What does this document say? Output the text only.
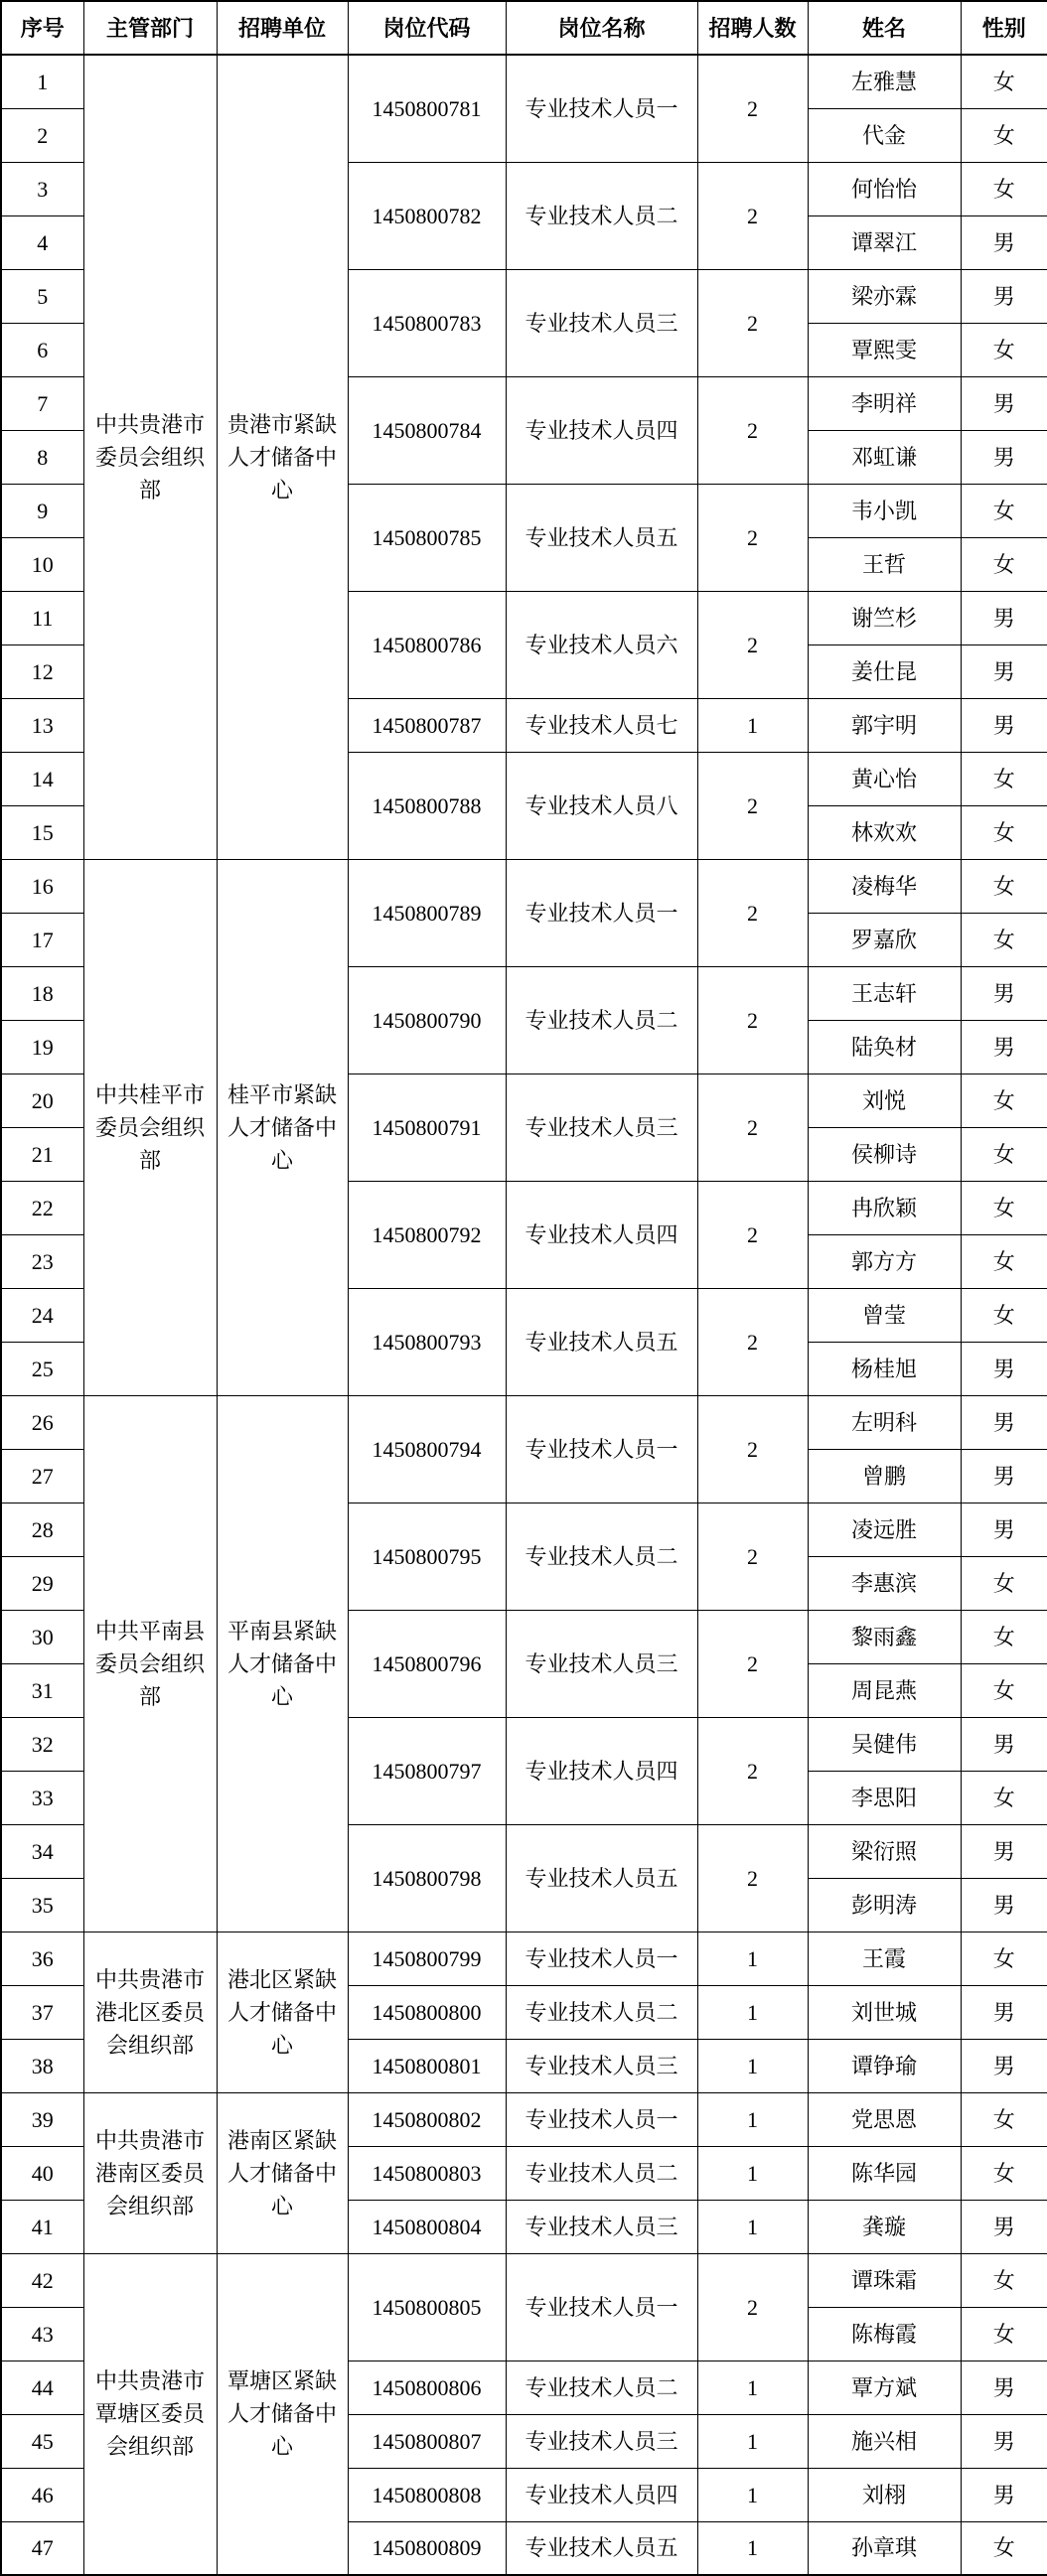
序号	主管部门	招聘单位	岗位代码	岗位名称	招聘人数	姓名	性别
1	中共贵港市委员会组织部	贵港市紧缺人才储备中心	1450800781	专业技术人员一	2	左雅慧	女
2						代金	女
3			1450800782	专业技术人员二	2	何怡怡	女
4						谭翠江	男
5			1450800783	专业技术人员三	2	梁亦霖	男
6						覃熙雯	女
7			1450800784	专业技术人员四	2	李明祥	男
8						邓虹谦	男
9			1450800785	专业技术人员五	2	韦小凯	女
10						王哲	女
11			1450800786	专业技术人员六	2	谢竺杉	男
12						姜仕昆	男
13			1450800787	专业技术人员七	1	郭宇明	男
14			1450800788	专业技术人员八	2	黄心怡	女
15						林欢欢	女
16	中共桂平市委员会组织部	桂平市紧缺人才储备中心	1450800789	专业技术人员一	2	凌梅华	女
17						罗嘉欣	女
18			1450800790	专业技术人员二	2	王志轩	男
19						陆奂材	男
20			1450800791	专业技术人员三	2	刘悦	女
21						侯柳诗	女
22			1450800792	专业技术人员四	2	冉欣颖	女
23						郭方方	女
24			1450800793	专业技术人员五	2	曾莹	女
25						杨桂旭	男
26	中共平南县委员会组织部	平南县紧缺人才储备中心	1450800794	专业技术人员一	2	左明科	男
27						曾鹏	男
28			1450800795	专业技术人员二	2	凌远胜	男
29						李惠滨	女
30			1450800796	专业技术人员三	2	黎雨鑫	女
31						周昆燕	女
32			1450800797	专业技术人员四	2	吴健伟	男
33						李思阳	女
34			1450800798	专业技术人员五	2	梁衍照	男
35						彭明涛	男
36	中共贵港市港北区委员会组织部	港北区紧缺人才储备中心	1450800799	专业技术人员一	1	王霞	女
37			1450800800	专业技术人员二	1	刘世城	男
38			1450800801	专业技术人员三	1	谭铮瑜	男
39	中共贵港市港南区委员会组织部	港南区紧缺人才储备中心	1450800802	专业技术人员一	1	党思恩	女
40			1450800803	专业技术人员二	1	陈华园	女
41			1450800804	专业技术人员三	1	龚璇	男
42	中共贵港市覃塘区委员会组织部	覃塘区紧缺人才储备中心	1450800805	专业技术人员一	2	谭珠霜	女
43						陈梅霞	女
44			1450800806	专业技术人员二	1	覃方斌	男
45			1450800807	专业技术人员三	1	施兴相	男
46			1450800808	专业技术人员四	1	刘栩	男
47			1450800809	专业技术人员五	1	孙章琪	女
